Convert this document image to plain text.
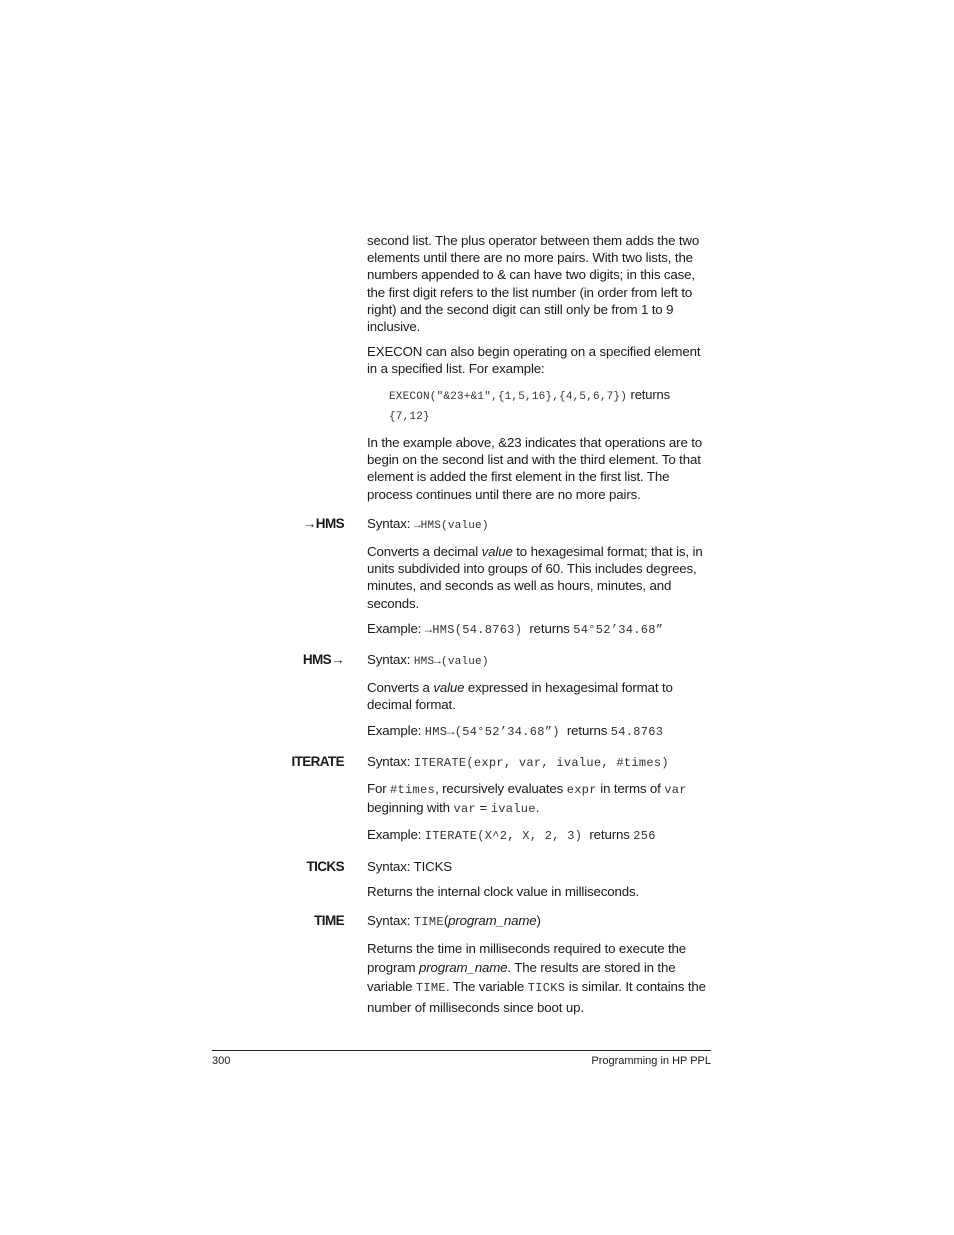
second list. The plus operator between them adds the two elements until there are no more pairs. With two lists, the numbers appended to & can have two digits; in this case, the first digit refers to the list number (in order from left to right) and the second digit can still only be from 1 to 9 inclusive.

EXECON can also begin operating on a specified element in a specified list. For example:

EXECON("&23+&1",{1,5,16},{4,5,6,7}) returns
{7,12}

In the example above, &23 indicates that operations are to begin on the second list and with the third element. To that element is added the first element in the first list. The process continues until there are no more pairs.

→HMS Syntax: →HMS(value)

Converts a decimal value to hexagesimal format; that is, in units subdivided into groups of 60. This includes degrees, minutes, and seconds as well as hours, minutes, and seconds.

Example: →HMS(54.8763) returns 54°52’34.68”

HMS→ Syntax: HMS→(value)

Converts a value expressed in hexagesimal format to decimal format.

Example: HMS→(54°52’34.68”) returns 54.8763

ITERATE Syntax: ITERATE(expr, var, ivalue, #times)

For #times, recursively evaluates expr in terms of var
beginning with var = ivalue.

Example: ITERATE(X^2, X, 2, 3) returns 256

TICKS Syntax: TICKS

Returns the internal clock value in milliseconds.

TIME Syntax: TIME(program_name)

Returns the time in milliseconds required to execute the program program_name. The results are stored in the variable TIME. The variable TICKS is similar. It contains the number of milliseconds since boot up.

300	Programming in HP PPL
